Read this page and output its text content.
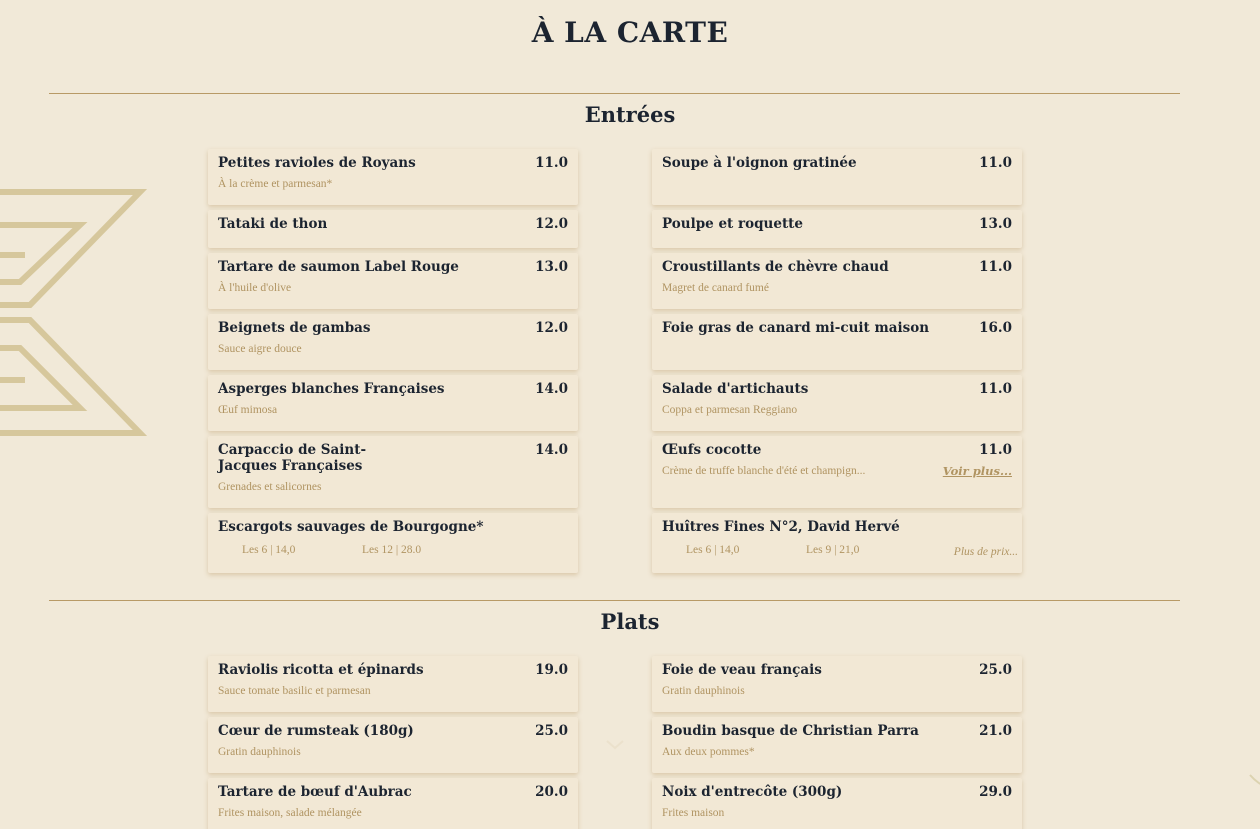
À LA CARTE
Entrées
Petites ravioles de Royans	11.0
À la crème et parmesan*
Tataki de thon	12.0
Tartare de saumon Label Rouge	13.0
À l'huile d'olive
Beignets de gambas	12.0
Sauce aigre douce
Asperges blanches Françaises	14.0
Œuf mimosa
Carpaccio de Saint-Jacques Françaises
14.0
Grenades et salicornes
Escargots sauvages de Bourgogne*
Les 6 | 14,0	Les 12 | 28.0
Soupe à l'oignon gratinée	11.0
Poulpe et roquette	13.0
Croustillants de chèvre chaud	11.0
Magret de canard fumé
Foie gras de canard mi-cuit maison	16.0
Salade d'artichauts	11.0
Coppa et parmesan Reggiano
Œufs cocotte	11.0
Crème de truffe blanche d'été et champign...	Voir plus...
Huîtres Fines N°2, David Hervé
Les 6 | 14,0	Les 9 | 21,0	Plus de prix...
Plats
Raviolis ricotta et épinards	19.0
Sauce tomate basilic et parmesan
Cœur de rumsteak (180g)	25.0
Gratin dauphinois
Tartare de bœuf d'Aubrac	20.0
Frites maison, salade mélangée
Foie de veau français	25.0
Gratin dauphinois
Boudin basque de Christian Parra	21.0
Aux deux pommes*
Noix d'entrecôte (300g)	29.0
Frites maison
